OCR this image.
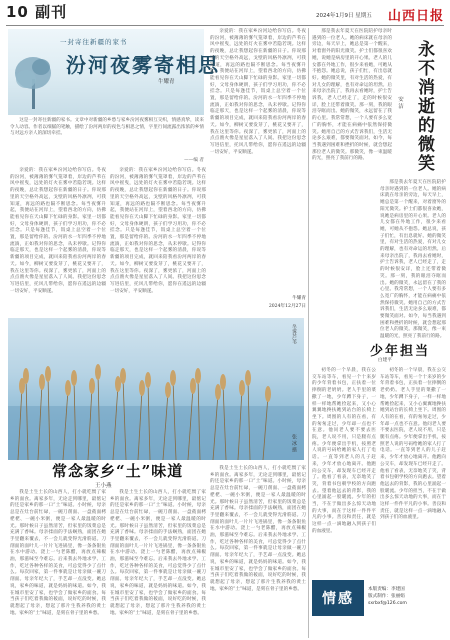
10 副刊	2024年1月9日 星期五 山西日报
一封寄往新疆的家书
汾河夜雾寄相思
牛耀青

这是一封寄往新疆的家书。文章中对新疆的乡愁与家乡汾河夜雾相互交织，情感真挚，读来令人动容。作者以细腻的笔触，描绘了汾河两岸的夜色与相思之情，字里行间流露出浓浓的乡情与对远方亲人的深切牵挂。

——编 者

亲爱的：我在家乡汾河边给你写信。冬夜的汾河，被薄薄的雾气笼罩着，岸边的芦苇在风中摇曳，远处的灯火在雾中若隐若现。这样的夜晚，总让我想起你在新疆的日子。你说那里的天空格外高远，戈壁的风格外凛冽，可我知道，再远的路也隔不断思念。每当夜雾升起，我便站在河岸上，望着西北的方向，仿佛能看见你在天山脚下忙碌的身影。家里一切都好，父母身体硬朗，孩子们学习用功，你不必挂念。只是每逢佳节，饭桌上总空着一个位置，那是留给你的。汾河的水一年四季不停地流淌，正如我对你的思念，从未停歇。记得你临走那天，也是这样一个起雾的清晨，你说等新疆的项目完成，就回来陪我看汾河两岸的春天。如今，柳树又要发芽了，桃花又要开了，我在这里等你。夜深了，雾更浓了，河面上的点点渔火像是星星落入了人间。我把这份思念写进信里，托风儿带给你，愿你在遥远的边疆一切安好，平安顺遂。

亲爱的：我在家乡汾河边给你写信。冬夜的汾河，被薄薄的雾气笼罩着，岸边的芦苇在风中摇曳，远处的灯火在雾中若隐若现。这样的夜晚，总让我想起你在新疆的日子。你说那里的天空格外高远，戈壁的风格外凛冽，可我知道，再远的路也隔不断思念。每当夜雾升起，我便站在河岸上，望着西北的方向，仿佛能看见你在天山脚下忙碌的身影。家里一切都好，父母身体硬朗，孩子们学习用功，你不必挂念。只是每逢佳节，饭桌上总空着一个位置，那是留给你的。汾河的水一年四季不停地流淌，正如我对你的思念，从未停歇。记得你临走那天，也是这样一个起雾的清晨，你说等新疆的项目完成，就回来陪我看汾河两岸的春天。如今，柳树又要发芽了，桃花又要开了，我在这里等你。夜深了，雾更浓了，河面上的点点渔火像是星星落入了人间。我把这份思念写进信里，托风儿带给你，愿你在遥远的边疆一切安好，平安顺遂。

亲爱的：我在家乡汾河边给你写信。冬夜的汾河，被薄薄的雾气笼罩着，岸边的芦苇在风中摇曳，远处的灯火在雾中若隐若现。这样的夜晚，总让我想起你在新疆的日子。你说那里的天空格外高远，戈壁的风格外凛冽，可我知道，再远的路也隔不断思念。每当夜雾升起，我便站在河岸上，望着西北的方向，仿佛能看见你在天山脚下忙碌的身影。家里一切都好，父母身体硬朗，孩子们学习用功，你不必挂念。只是每逢佳节，饭桌上总空着一个位置，那是留给你的。汾河的水一年四季不停地流淌，正如我对你的思念，从未停歇。记得你临走那天，也是这样一个起雾的清晨，你说等新疆的项目完成，就回来陪我看汾河两岸的春天。如今，柳树又要发芽了，桃花又要开了，我在这里等你。夜深了，雾更浓了，河面上的点点渔火像是星星落入了人间。我把这份思念写进信里，托风儿带给你，愿你在遥远的边疆一切安好，平安顺遂。

牛耀青
2024年12月27日
冬雾芦苇
张 冰 摄
常念家乡“土”味道
王小燕

我是土生土长的山西人，打小就吃惯了家乡的面食。离家多年，无论走到哪里，最惦记的还是家乡的那一口“土”味道。小时候，母亲总是在灶台前忙碌，一碗刀削面、一盘莜面栲栳栳、一碗小米粥，便是一家人最温暖的时光。那时候日子虽然清苦，但家里的饭菜总是充满了香味。母亲揉面的手法娴熟，面团在她手里翻来覆去，不一会儿就变得光滑筋道。刀削面的面叶儿一片片飞进锅里，像一条条银鱼在水中游动。浇上一勺老陈醋，再放点辣椒油，那滋味至今难忘。后来我去外地求学、工作，吃过各种各样的美食，可总觉得少了点什么。每次回家，第一件事就是让母亲做一碗刀削面。母亲年纪大了，手艺却一点没变。她总说，家乡的味道，就是妈妈的味道。如今，我在城市里安了家，也学会了做家乡的面食。每当孩子们吃着我做的莜面，说好吃的时候，我就想起了母亲，想起了那片生我养我的黄土地。家乡的“土”味道，是刻在骨子里的乡愁。

我是土生土长的山西人，打小就吃惯了家乡的面食。离家多年，无论走到哪里，最惦记的还是家乡的那一口“土”味道。小时候，母亲总是在灶台前忙碌，一碗刀削面、一盘莜面栲栳栳、一碗小米粥，便是一家人最温暖的时光。那时候日子虽然清苦，但家里的饭菜总是充满了香味。母亲揉面的手法娴熟，面团在她手里翻来覆去，不一会儿就变得光滑筋道。刀削面的面叶儿一片片飞进锅里，像一条条银鱼在水中游动。浇上一勺老陈醋，再放点辣椒油，那滋味至今难忘。后来我去外地求学、工作，吃过各种各样的美食，可总觉得少了点什么。每次回家，第一件事就是让母亲做一碗刀削面。母亲年纪大了，手艺却一点没变。她总说，家乡的味道，就是妈妈的味道。如今，我在城市里安了家，也学会了做家乡的面食。每当孩子们吃着我做的莜面，说好吃的时候，我就想起了母亲，想起了那片生我养我的黄土地。家乡的“土”味道，是刻在骨子里的乡愁。

我是土生土长的山西人，打小就吃惯了家乡的面食。离家多年，无论走到哪里，最惦记的还是家乡的那一口“土”味道。小时候，母亲总是在灶台前忙碌，一碗刀削面、一盘莜面栲栳栳、一碗小米粥，便是一家人最温暖的时光。那时候日子虽然清苦，但家里的饭菜总是充满了香味。母亲揉面的手法娴熟，面团在她手里翻来覆去，不一会儿就变得光滑筋道。刀削面的面叶儿一片片飞进锅里，像一条条银鱼在水中游动。浇上一勺老陈醋，再放点辣椒油，那滋味至今难忘。后来我去外地求学、工作，吃过各种各样的美食，可总觉得少了点什么。每次回家，第一件事就是让母亲做一碗刀削面。母亲年纪大了，手艺却一点没变。她总说，家乡的味道，就是妈妈的味道。如今，我在城市里安了家，也学会了做家乡的面食。每当孩子们吃着我做的莜面，说好吃的时候，我就想起了母亲，想起了那片生我养我的黄土地。家乡的“土”味道，是刻在骨子里的乡愁。

永不消逝的微笑
安 洁

那是我去年夏天在医院陪护母亲时遇到的一位老人。她的病床就在母亲的旁边，每天早上，她总是第一个醒来，对着窗外的阳光微笑。护士们都很喜欢她，说她是病房里的开心果。老人的儿女都在外地工作，很少来看她，可她从不抱怨。她总说，孩子们忙，有出息就好。她的微笑里，有对生活的热爱，有对儿女的理解，也有对命运的坦然。后来母亲出院了，我再去看她时，护士告诉我，老人已经走了，走的时候很安详，脸上还带着微笑。那一刻，我的眼泪夺眶而出。她的微笑，永远留在了我的心里。我常常想，一个人要有多么宽广的胸怀，才能在病痛中依然保持微笑。她用自己的方式告诉我们，生活无论多么艰难，都要微笑面对。如今，每当我遇到困难和挫折的时候，就会想起那位老人的微笑。那微笑，像一束温暖的光，照亮了我前行的路。

那是我去年夏天在医院陪护母亲时遇到的一位老人。她的病床就在母亲的旁边，每天早上，她总是第一个醒来，对着窗外的阳光微笑。护士们都很喜欢她，说她是病房里的开心果。老人的儿女都在外地工作，很少来看她，可她从不抱怨。她总说，孩子们忙，有出息就好。她的微笑里，有对生活的热爱，有对儿女的理解，也有对命运的坦然。后来母亲出院了，我再去看她时，护士告诉我，老人已经走了，走的时候很安详，脸上还带着微笑。那一刻，我的眼泪夺眶而出。她的微笑，永远留在了我的心里。我常常想，一个人要有多么宽广的胸怀，才能在病痛中依然保持微笑。她用自己的方式告诉我们，生活无论多么艰难，都要微笑面对。如今，每当我遇到困难和挫折的时候，就会想起那位老人的微笑。那微笑，像一束温暖的光，照亮了我前行的路。

少年担当
白建平

初冬的一个早晨，我在公交车站等车，看见一个十来岁的少年背着书包，正扶着一位摔倒的老奶奶。老人手里的菜撒了一地，少年蹲下身子，一样一样地帮她捡起来，又小心翼翼地搀扶她到站台的长椅上坐下。周围的人有的在看，有的匆匆走过，少年却一点也不在意。他问老人要不要去医院，老人说不用，只是腿有点疼。少年便拿出手机，按照老人说的号码给她的家人打了电话。一直等到老人的儿子赶来，少年才放心地离开。他跑向公交车，却发现车已经开走了。他看了看表，无奈地笑了笑，背着书包朝学校的方向跑去。望着他远去的背影，我的心里涌起一股暖流。少年的担当，不在于做出多么惊天动地的大事，而在于这样一件件平凡的小事。善良和责任，就是这样一点一滴地融入到孩子们的血液里。

初冬的一个早晨，我在公交车站等车，看见一个十来岁的少年背着书包，正扶着一位摔倒的老奶奶。老人手里的菜撒了一地，少年蹲下身子，一样一样地帮她捡起来，又小心翼翼地搀扶她到站台的长椅上坐下。周围的人有的在看，有的匆匆走过，少年却一点也不在意。他问老人要不要去医院，老人说不用，只是腿有点疼。少年便拿出手机，按照老人说的号码给她的家人打了电话。一直等到老人的儿子赶来，少年才放心地离开。他跑向公交车，却发现车已经开走了。他看了看表，无奈地笑了笑，背着书包朝学校的方向跑去。望着他远去的背影，我的心里涌起一股暖流。少年的担当，不在于做出多么惊天动地的大事，而在于这样一件件平凡的小事。善良和责任，就是这样一点一滴地融入到孩子们的血液里。

情感
本版责编：李建国
版式制作：张丽娟
sxrbxf@126.com
